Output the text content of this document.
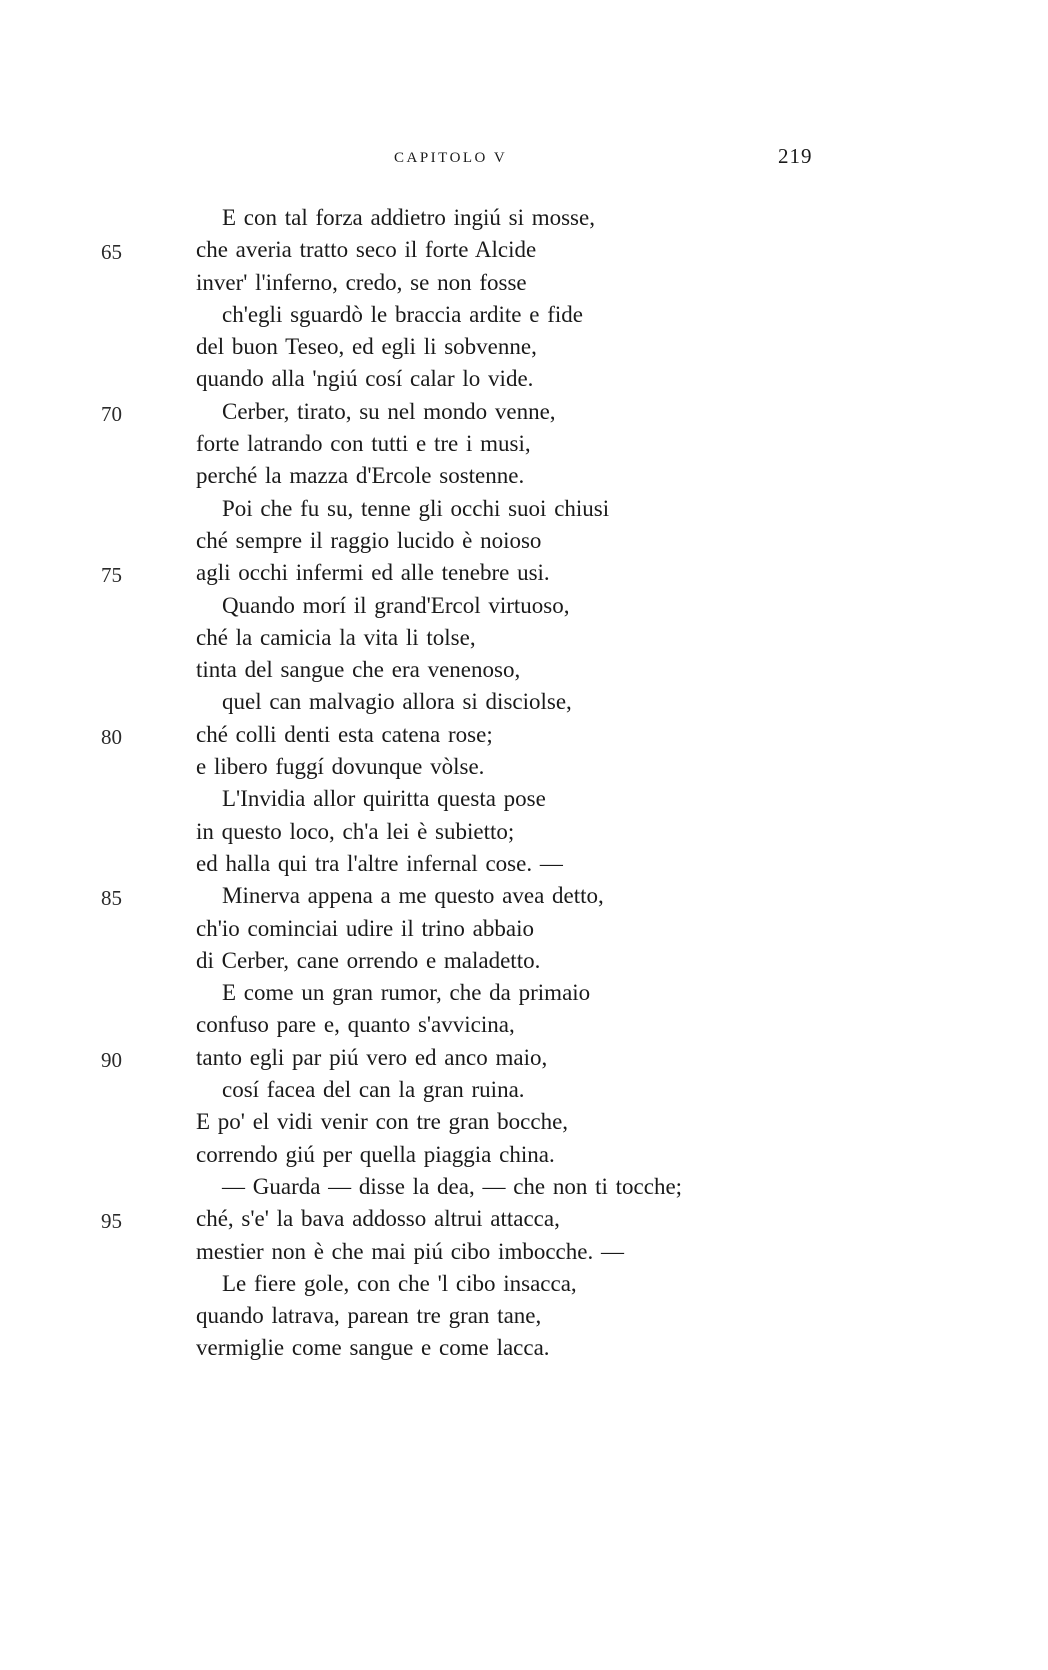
CAPITOLO V	219
E con tal forza addietro ingiú si mosse,
65	che averia tratto seco il forte Alcide
inver' l'inferno, credo, se non fosse
ch'egli sguardò le braccia ardite e fide
del buon Teseo, ed egli li sobvenne,
quando alla 'ngiú cosí calar lo vide.
70	Cerber, tirato, su nel mondo venne,
forte latrando con tutti e tre i musi,
perché la mazza d'Ercole sostenne.
Poi che fu su, tenne gli occhi suoi chiusi
ché sempre il raggio lucido è noioso
75	agli occhi infermi ed alle tenebre usi.
Quando morí il grand'Ercol virtuoso,
ché la camicia la vita li tolse,
tinta del sangue che era venenoso,
quel can malvagio allora si disciolse,
80	ché colli denti esta catena rose;
e libero fuggí dovunque vòlse.
L'Invidia allor quiritta questa pose
in questo loco, ch'a lei è subietto;
ed halla qui tra l'altre infernal cose. —
85	Minerva appena a me questo avea detto,
ch'io cominciai udire il trino abbaio
di Cerber, cane orrendo e maladetto.
E come un gran rumor, che da primaio
confuso pare e, quanto s'avvicina,
90	tanto egli par piú vero ed anco maio,
cosí facea del can la gran ruina.
E po' el vidi venir con tre gran bocche,
correndo giú per quella piaggia china.
— Guarda — disse la dea, — che non ti tocche;
95	ché, s'e' la bava addosso altrui attacca,
mestier non è che mai piú cibo imbocche. —
Le fiere gole, con che 'l cibo insacca,
quando latrava, parean tre gran tane,
vermiglie come sangue e come lacca.
